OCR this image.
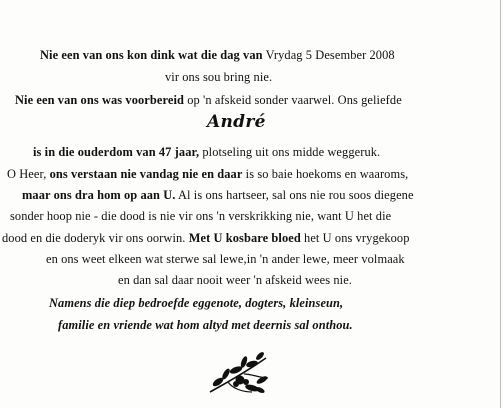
Nie een van ons kon dink wat die dag van Vrydag 5 Desember 2008
vir ons sou bring nie.
Nie een van ons was voorbereid op 'n afskeid sonder vaarwel. Ons geliefde
André
is in die ouderdom van 47 jaar, plotseling uit ons midde weggeruk.
O Heer, ons verstaan nie vandag nie en daar is so baie hoekoms en waaroms,
maar ons dra hom op aan U. Al is ons hartseer, sal ons nie rou soos diegene
sonder hoop nie - die dood is nie vir ons 'n verskrikking nie, want U het die
dood en die doderyk vir ons oorwin. Met U kosbare bloed het U ons vrygekoop
en ons weet elkeen wat sterwe sal lewe,in 'n ander lewe, meer volmaak
en dan sal daar nooit weer 'n afskeid wees nie.
Namens die diep bedroefde eggenote, dogters, kleinseun,
familie en vriende wat hom altyd met deernis sal onthou.
